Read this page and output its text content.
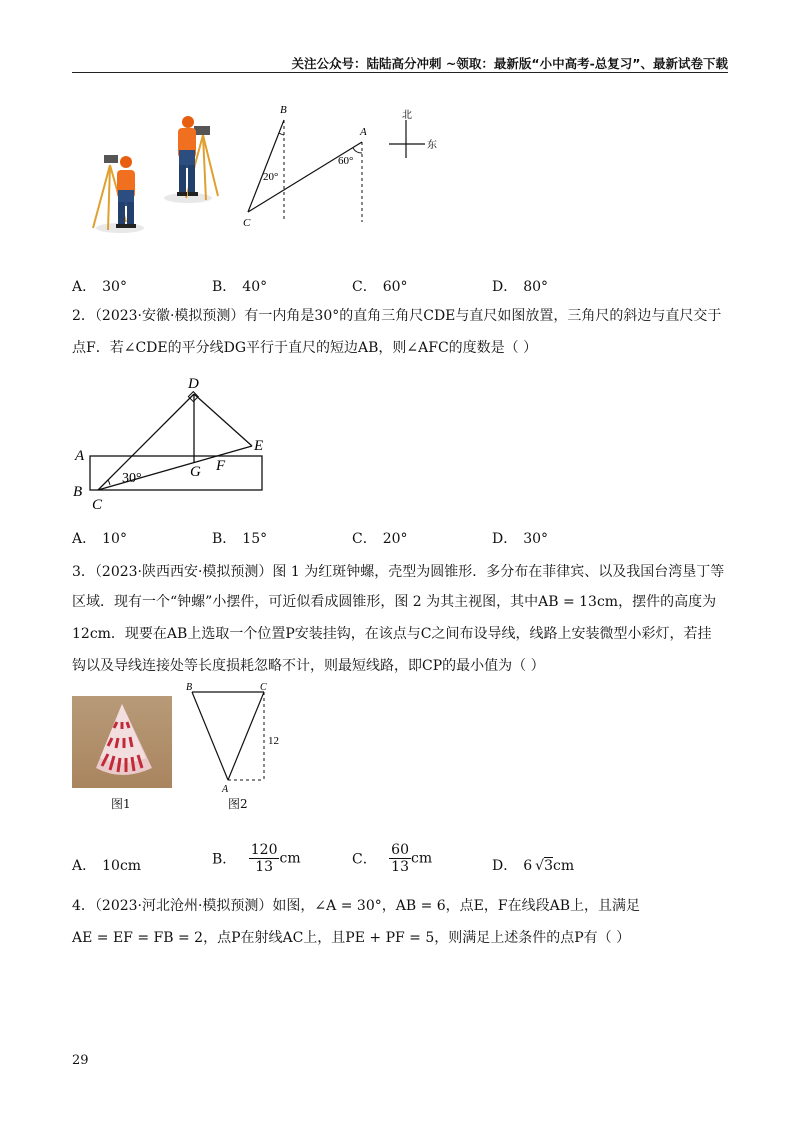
关注公众号：陆陆高分冲刺 ~领取：最新版“小中高考-总复习”、最新试卷下载
B
A
C
20°
60°
北
东
A． 30°	B． 40°	C． 60°	D． 80°
2．（2023·安徽·模拟预测）有一内角是30°的直角三角尺CDE与直尺如图放置，三角尺的斜边与直尺交于
点F．若∠CDE的平分线DG平行于直尺的短边AB，则∠AFC的度数是（ ）
D
E
A
B
C
G F
30°
A． 10°	B． 15°	C． 20°	D． 30°
3．（2023·陕西西安·模拟预测）图 1 为红斑钟螺，壳型为圆锥形．多分布在菲律宾、以及我国台湾垦丁等
区域．现有一个“钟螺”小摆件，可近似看成圆锥形，图 2 为其主视图，其中AB = 13cm，摆件的高度为
12cm．现要在AB上选取一个位置P安装挂钩，在该点与C之间布设导线，线路上安装微型小彩灯，若挂
钩以及导线连接处等长度损耗忽略不计，则最短线路，即CP的最小值为（ ）
图1
B	C
A
12
图2
A． 10cm	B． $\frac{120}{13}$ cm	C． $\frac{60}{13}$ cm	D． 6 √3cm
4．（2023·河北沧州·模拟预测）如图，∠A = 30°，AB = 6，点E，F在线段AB上，且满足
AE = EF = FB = 2，点P在射线AC上，且PE + PF = 5，则满足上述条件的点P有（ ）
29
